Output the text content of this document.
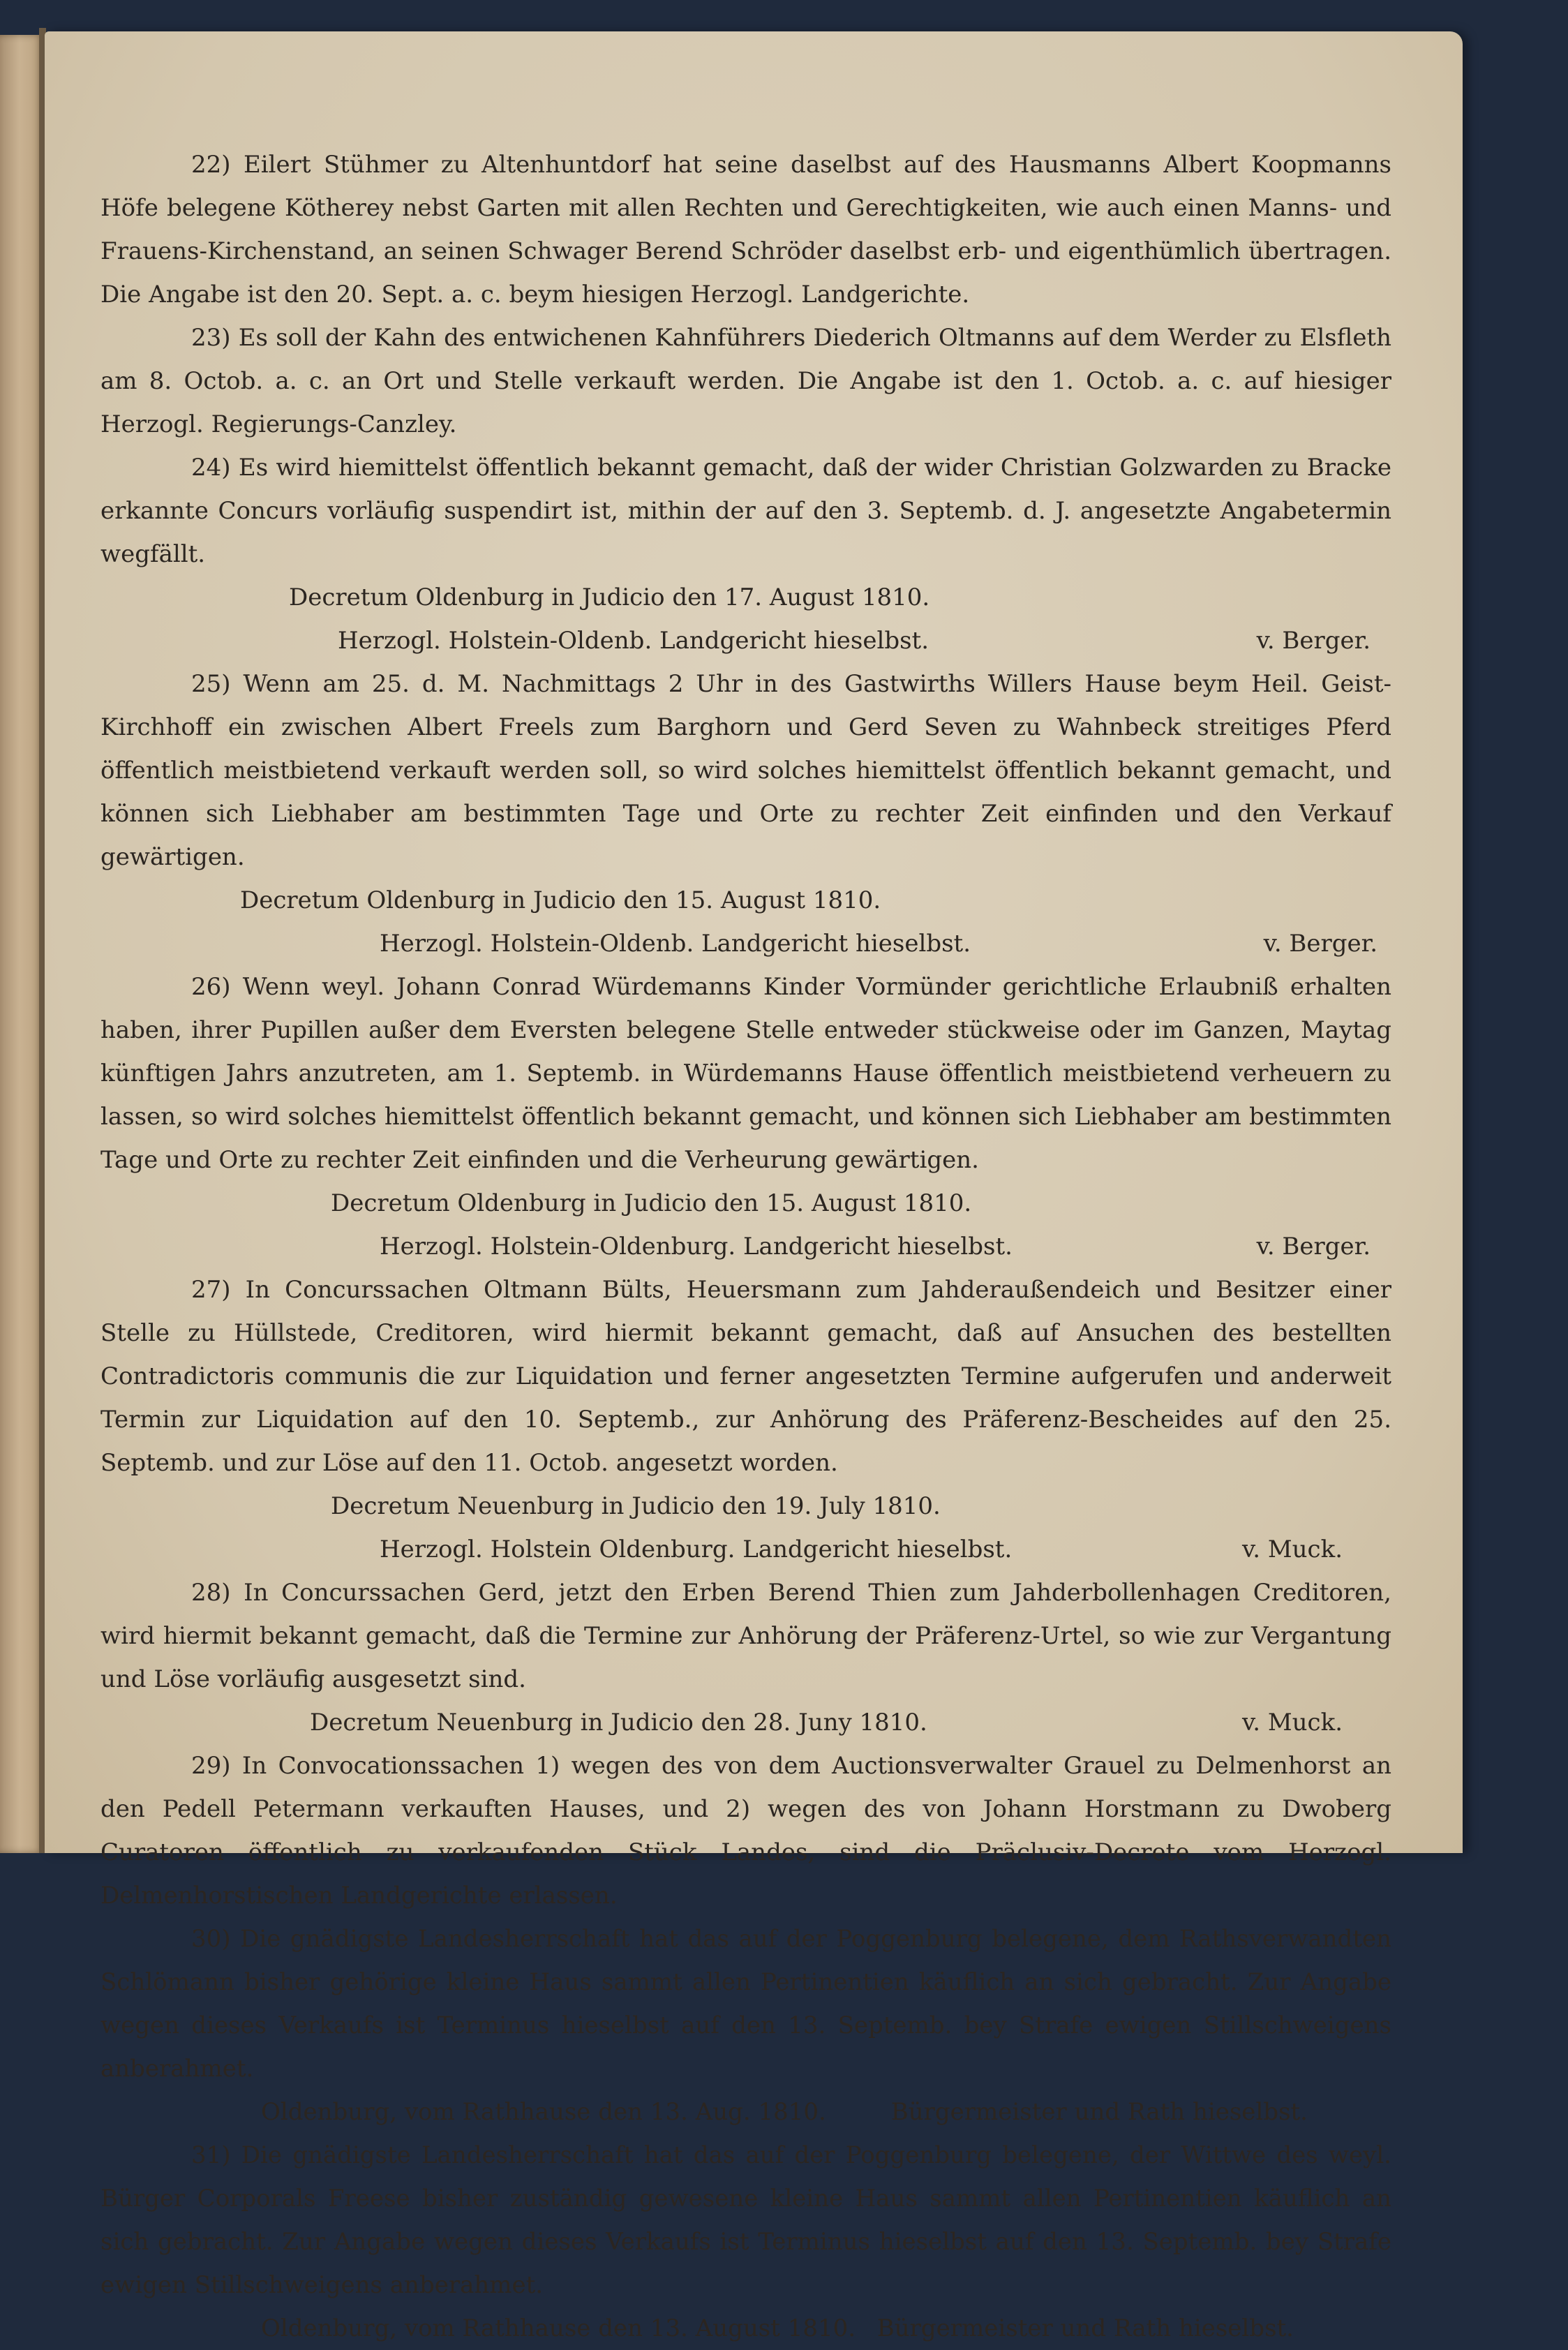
22) Eilert Stühmer zu Altenhuntdorf hat seine daselbst auf des Hausmanns Albert Koopmanns Höfe belegene Kötherey nebst Garten mit allen Rechten und Gerechtigkeiten, wie auch einen Manns- und Frauens-Kirchenstand, an seinen Schwager Berend Schröder daselbst erb- und eigenthümlich übertragen. Die Angabe ist den 20. Sept. a. c. beym hiesigen Herzogl. Landgerichte.

23) Es soll der Kahn des entwichenen Kahnführers Diederich Oltmanns auf dem Werder zu Elsfleth am 8. Octob. a. c. an Ort und Stelle verkauft werden. Die Angabe ist den 1. Octob. a. c. auf hiesiger Herzogl. Regierungs-Canzley.

24) Es wird hiemittelst öffentlich bekannt gemacht, daß der wider Christian Golzwarden zu Bracke erkannte Concurs vorläufig suspendirt ist, mithin der auf den 3. Septemb. d. J. angesetzte Angabetermin wegfällt.

Decretum Oldenburg in Judicio den 17. August 1810.
Herzogl. Holstein-Oldenb. Landgericht hieselbst.	v. Berger.

25) Wenn am 25. d. M. Nachmittags 2 Uhr in des Gastwirths Willers Hause beym Heil. Geist-Kirchhoff ein zwischen Albert Freels zum Barghorn und Gerd Seven zu Wahnbeck streitiges Pferd öffentlich meistbietend verkauft werden soll, so wird solches hiemittelst öffentlich bekannt gemacht, und können sich Liebhaber am bestimmten Tage und Orte zu rechter Zeit einfinden und den Verkauf gewärtigen.

Decretum Oldenburg in Judicio den 15. August 1810.
Herzogl. Holstein-Oldenb. Landgericht hieselbst.	v. Berger.

26) Wenn weyl. Johann Conrad Würdemanns Kinder Vormünder gerichtliche Erlaubniß erhalten haben, ihrer Pupillen außer dem Eversten belegene Stelle entweder stückweise oder im Ganzen, Maytag künftigen Jahrs anzutreten, am 1. Septemb. in Würdemanns Hause öffentlich meistbietend verheuern zu lassen, so wird solches hiemittelst öffentlich bekannt gemacht, und können sich Liebhaber am bestimmten Tage und Orte zu rechter Zeit einfinden und die Verheurung gewärtigen.

Decretum Oldenburg in Judicio den 15. August 1810.
Herzogl. Holstein-Oldenburg. Landgericht hieselbst.	v. Berger.

27) In Concurssachen Oltmann Bülts, Heuersmann zum Jahderaußendeich und Besitzer einer Stelle zu Hüllstede, Creditoren, wird hiermit bekannt gemacht, daß auf Ansuchen des bestellten Contradictoris communis die zur Liquidation und ferner angesetzten Termine aufgerufen und anderweit Termin zur Liquidation auf den 10. Septemb., zur Anhörung des Präferenz-Bescheides auf den 25. Septemb. und zur Löse auf den 11. Octob. angesetzt worden.

Decretum Neuenburg in Judicio den 19. July 1810.
Herzogl. Holstein Oldenburg. Landgericht hieselbst.	v. Muck.

28) In Concurssachen Gerd, jetzt den Erben Berend Thien zum Jahderbollenhagen Creditoren, wird hiermit bekannt gemacht, daß die Termine zur Anhörung der Präferenz-Urtel, so wie zur Vergantung und Löse vorläufig ausgesetzt sind.

Decretum Neuenburg in Judicio den 28. Juny 1810.	v. Muck.

29) In Convocationssachen 1) wegen des von dem Auctionsverwalter Grauel zu Delmenhorst an den Pedell Petermann verkauften Hauses, und 2) wegen des von Johann Horstmann zu Dwoberg Curatoren öffentlich zu verkaufenden Stück Landes, sind die Präclusiv-Decrete vom Herzogl. Delmenhorstischen Landgerichte erlassen.

30) Die gnädigste Landesherrschaft hat das auf der Poggenburg belegene, dem Rathsverwandten Schlömann bisher gehörige kleine Haus sammt allen Pertinentien käuflich an sich gebracht. Zur Angabe wegen dieses Verkaufs ist Terminus hieselbst auf den 13. Septemb. bey Strafe ewigen Stillschweigens anberahmet.

Oldenburg, vom Rathhause den 13. Aug. 1810.	Bürgermeister und Rath hieselbst.

31) Die gnädigste Landesherrschaft hat das auf der Poggenburg belegene, der Wittwe des weyl. Bürger Corporals Freese bisher zuständig gewesene kleine Haus sammt allen Pertinentien käuflich an sich gebracht. Zur Angabe wegen dieses Verkaufs ist Terminus hieselbst auf den 13. Septemb. bey Strafe ewigen Stillschweigens anberahmet.

Oldenburg, vom Rathhause den 13. August 1810. Bürgermeister und Rath hieselbst.
